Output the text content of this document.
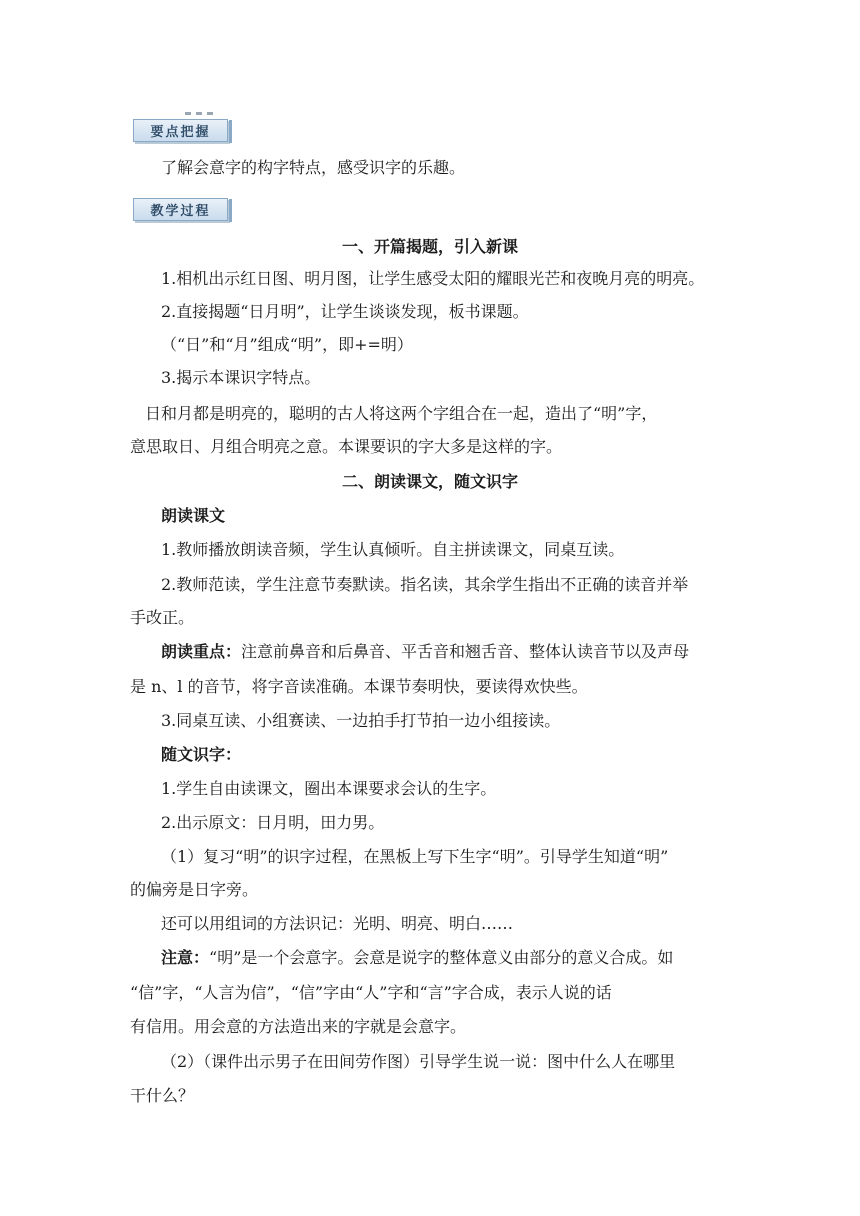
要点把握
了解会意字的构字特点，感受识字的乐趣。
教学过程
一、开篇揭题，引入新课
1.相机出示红日图、明月图，让学生感受太阳的耀眼光芒和夜晚月亮的明亮。
2.直接揭题“日月明”，让学生谈谈发现，板书课题。
（“日”和“月”组成“明”，即+=明）
3.揭示本课识字特点。
日和月都是明亮的，聪明的古人将这两个字组合在一起，造出了“明”字，
意思取日、月组合明亮之意。本课要识的字大多是这样的字。
二、朗读课文，随文识字
朗读课文
1.教师播放朗读音频，学生认真倾听。自主拼读课文，同桌互读。
2.教师范读，学生注意节奏默读。指名读，其余学生指出不正确的读音并举
手改正。
朗读重点：注意前鼻音和后鼻音、平舌音和翘舌音、整体认读音节以及声母
是 n、l 的音节，将字音读准确。本课节奏明快，要读得欢快些。
3.同桌互读、小组赛读、一边拍手打节拍一边小组接读。
随文识字：
1.学生自由读课文，圈出本课要求会认的生字。
2.出示原文：日月明，田力男。
（1）复习“明”的识字过程，在黑板上写下生字“明”。引导学生知道“明”
的偏旁是日字旁。
还可以用组词的方法识记：光明、明亮、明白……
注意：“明”是一个会意字。会意是说字的整体意义由部分的意义合成。如
“信”字，“人言为信”，“信”字由“人”字和“言”字合成，表示人说的话
有信用。用会意的方法造出来的字就是会意字。
（2）（课件出示男子在田间劳作图）引导学生说一说：图中什么人在哪里
干什么？
